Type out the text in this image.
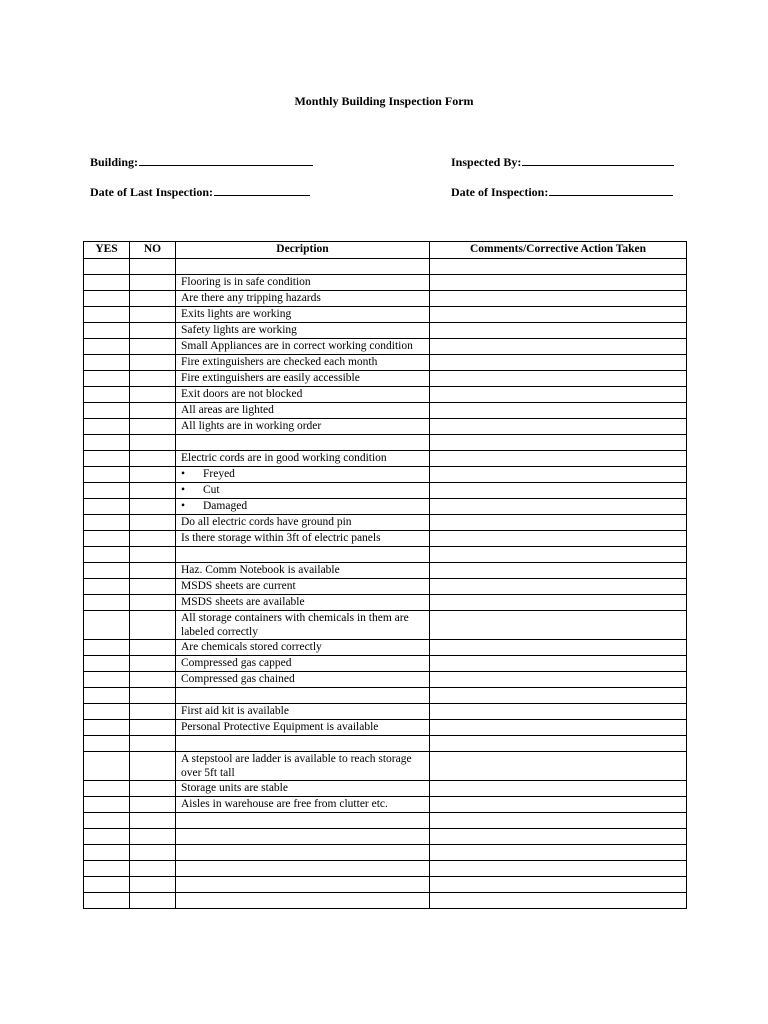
Monthly Building Inspection Form
Building:	Inspected By:
Date of Last Inspection:	Date of Inspection:
YES	NO	Decription	Comments/Corrective Action Taken

		Flooring is in safe condition	
		Are there any tripping hazards	
		Exits lights are working	
		Safety lights are working	
		Small Appliances are in correct working condition	
		Fire extinguishers are checked each month	
		Fire extinguishers are easily accessible	
		Exit doors are not blocked	
		All areas are lighted	
		All lights are in working order	

		Electric cords are in good working condition	
		• Freyed	
		• Cut	
		• Damaged	
		Do all electric cords have ground pin	
		Is there storage within 3ft of electric panels	

		Haz. Comm Notebook is available	
		MSDS sheets are current	
		MSDS sheets are available	
		All storage containers with chemicals in them are labeled correctly	
		Are chemicals stored correctly	
		Compressed gas capped	
		Compressed gas chained	

		First aid kit is available	
		Personal Protective Equipment is available	

		A stepstool are ladder is available to reach storage over 5ft tall	
		Storage units are stable	
		Aisles in warehouse are free from clutter etc.	
